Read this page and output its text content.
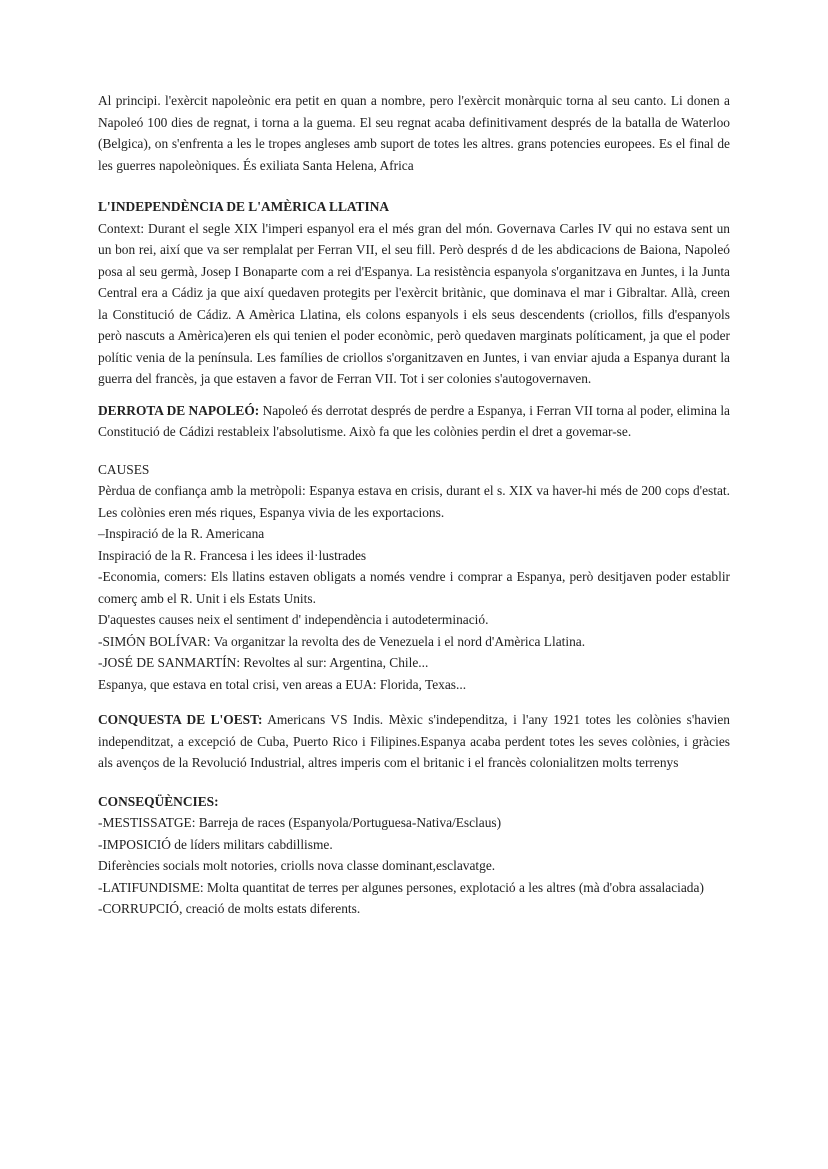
Al principi. l'exèrcit napoleònic era petit en quan a nombre, pero l'exèrcit monàrquic torna al seu canto. Li donen a Napoleó 100 dies de regnat, i torna a la guema. El seu regnat acaba definitivament després de la batalla de Waterloo (Belgica), on s'enfrenta a les le tropes angleses amb suport de totes les altres. grans potencies europees. Es el final de les guerres napoleòniques. És exiliata Santa Helena, Africa

L'INDEPENDÈNCIA DE L'AMÈRICA LLATINA

Context: Durant el segle XIX l'imperi espanyol era el més gran del món. Governava Carles IV qui no estava sent un un bon rei, així que va ser remplalat per Ferran VII, el seu fill. Però després d de les abdicacions de Baiona, Napoleó posa al seu germà, Josep I Bonaparte com a rei d'Espanya. La resistència espanyola s'organitzava en Juntes, i la Junta Central era a Cádiz ja que així quedaven protegits per l'exèrcit britànic, que dominava el mar i Gibraltar. Allà, creen la Constitució de Cádiz. A Amèrica Llatina, els colons espanyols i els seus descendents (criollos, fills d'espanyols però nascuts a Amèrica)eren els qui tenien el poder econòmic, però quedaven marginats políticament, ja que el poder polític venia de la península. Les famílies de criollos s'organitzaven en Juntes, i van enviar ajuda a Espanya durant la guerra del francès, ja que estaven a favor de Ferran VII. Tot i ser colonies s'autogovernaven.

DERROTA DE NAPOLEÓ: Napoleó és derrotat després de perdre a Espanya, i Ferran VII torna al poder, elimina la Constitució de Cádizi restableix l'absolutisme. Això fa que les colònies perdin el dret a govemar-se.

CAUSES

Pèrdua de confiança amb la metròpoli: Espanya estava en crisis, durant el s. XIX va haver-hi més de 200 cops d'estat. Les colònies eren més riques, Espanya vivia de les exportacions.

–Inspiració de la R. Americana

Inspiració de la R. Francesa i les idees il·lustrades

-Economia, comers: Els llatins estaven obligats a només vendre i comprar a Espanya, però desitjaven poder establir comerç amb el R. Unit i els Estats Units.

D'aquestes causes neix el sentiment d' independència i autodeterminació.

-SIMÓN BOLÍVAR: Va organitzar la revolta des de Venezuela i el nord d'Amèrica Llatina.

-JOSÉ DE SANMARTÍN: Revoltes al sur: Argentina, Chile...

Espanya, que estava en total crisi, ven areas a EUA: Florida, Texas...

CONQUESTA DE L'OEST: Americans VS Indis. Mèxic s'independitza, i l'any 1921 totes les colònies s'havien independitzat, a excepció de Cuba, Puerto Rico i Filipines.Espanya acaba perdent totes les seves colònies, i gràcies als avenços de la Revolució Industrial, altres imperis com el britanic i el francès colonialitzen molts terrenys

CONSEQÜÈNCIES:

-MESTISSATGE: Barreja de races (Espanyola/Portuguesa-Nativa/Esclaus)

-IMPOSICIÓ de líders militars cabdillisme.

Diferències socials molt notories, criolls nova classe dominant,esclavatge.

-LATIFUNDISME: Molta quantitat de terres per algunes persones, explotació a les altres (mà d'obra assalaciada)

-CORRUPCIÓ, creació de molts estats diferents.
